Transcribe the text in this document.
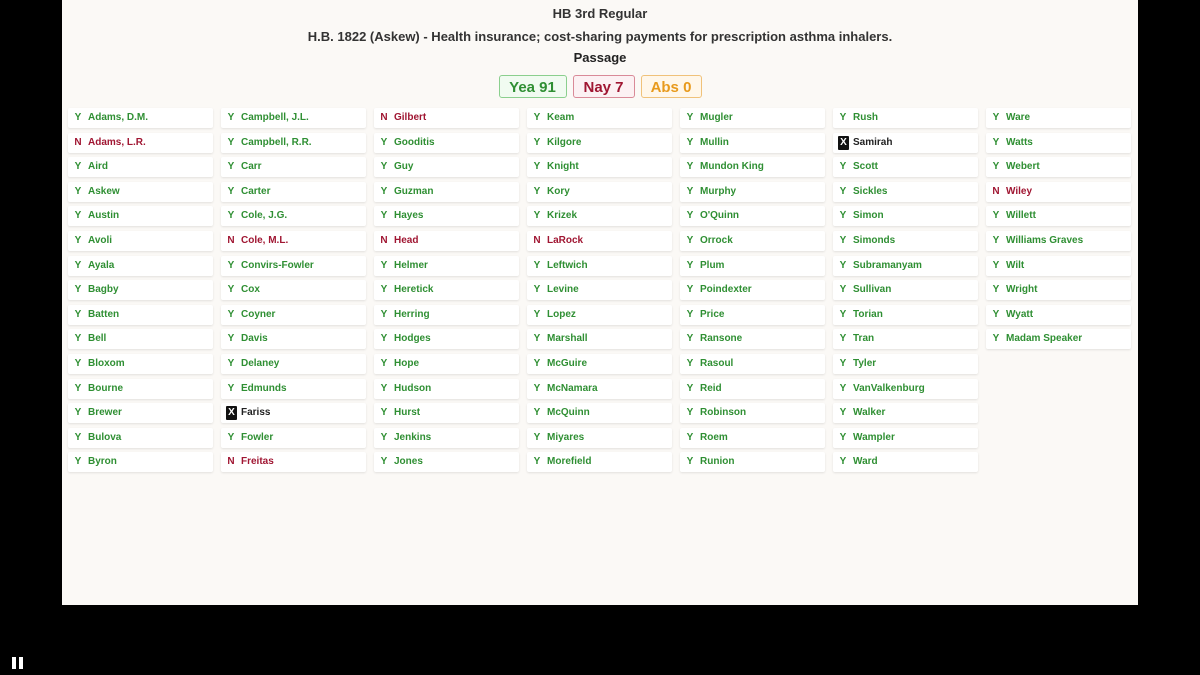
HB 3rd Regular
H.B. 1822 (Askew) - Health insurance; cost-sharing payments for prescription asthma inhalers.
Passage
Yea 91	Nay 7	Abs 0
Y Adams, D.M.
N Adams, L.R.
Y Aird
Y Askew
Y Austin
Y Avoli
Y Ayala
Y Bagby
Y Batten
Y Bell
Y Bloxom
Y Bourne
Y Brewer
Y Bulova
Y Byron
Y Campbell, J.L.
Y Campbell, R.R.
Y Carr
Y Carter
Y Cole, J.G.
N Cole, M.L.
Y Convirs-Fowler
Y Cox
Y Coyner
Y Davis
Y Delaney
Y Edmunds
X Fariss
Y Fowler
N Freitas
N Gilbert
Y Gooditis
Y Guy
Y Guzman
Y Hayes
N Head
Y Helmer
Y Heretick
Y Herring
Y Hodges
Y Hope
Y Hudson
Y Hurst
Y Jenkins
Y Jones
Y Keam
Y Kilgore
Y Knight
Y Kory
Y Krizek
N LaRock
Y Leftwich
Y Levine
Y Lopez
Y Marshall
Y McGuire
Y McNamara
Y McQuinn
Y Miyares
Y Morefield
Y Mugler
Y Mullin
Y Mundon King
Y Murphy
Y O'Quinn
Y Orrock
Y Plum
Y Poindexter
Y Price
Y Ransone
Y Rasoul
Y Reid
Y Robinson
Y Roem
Y Runion
Y Rush
X Samirah
Y Scott
Y Sickles
Y Simon
Y Simonds
Y Subramanyam
Y Sullivan
Y Torian
Y Tran
Y Tyler
Y VanValkenburg
Y Walker
Y Wampler
Y Ward
Y Ware
Y Watts
Y Webert
N Wiley
Y Willett
Y Williams Graves
Y Wilt
Y Wright
Y Wyatt
Y Madam Speaker
